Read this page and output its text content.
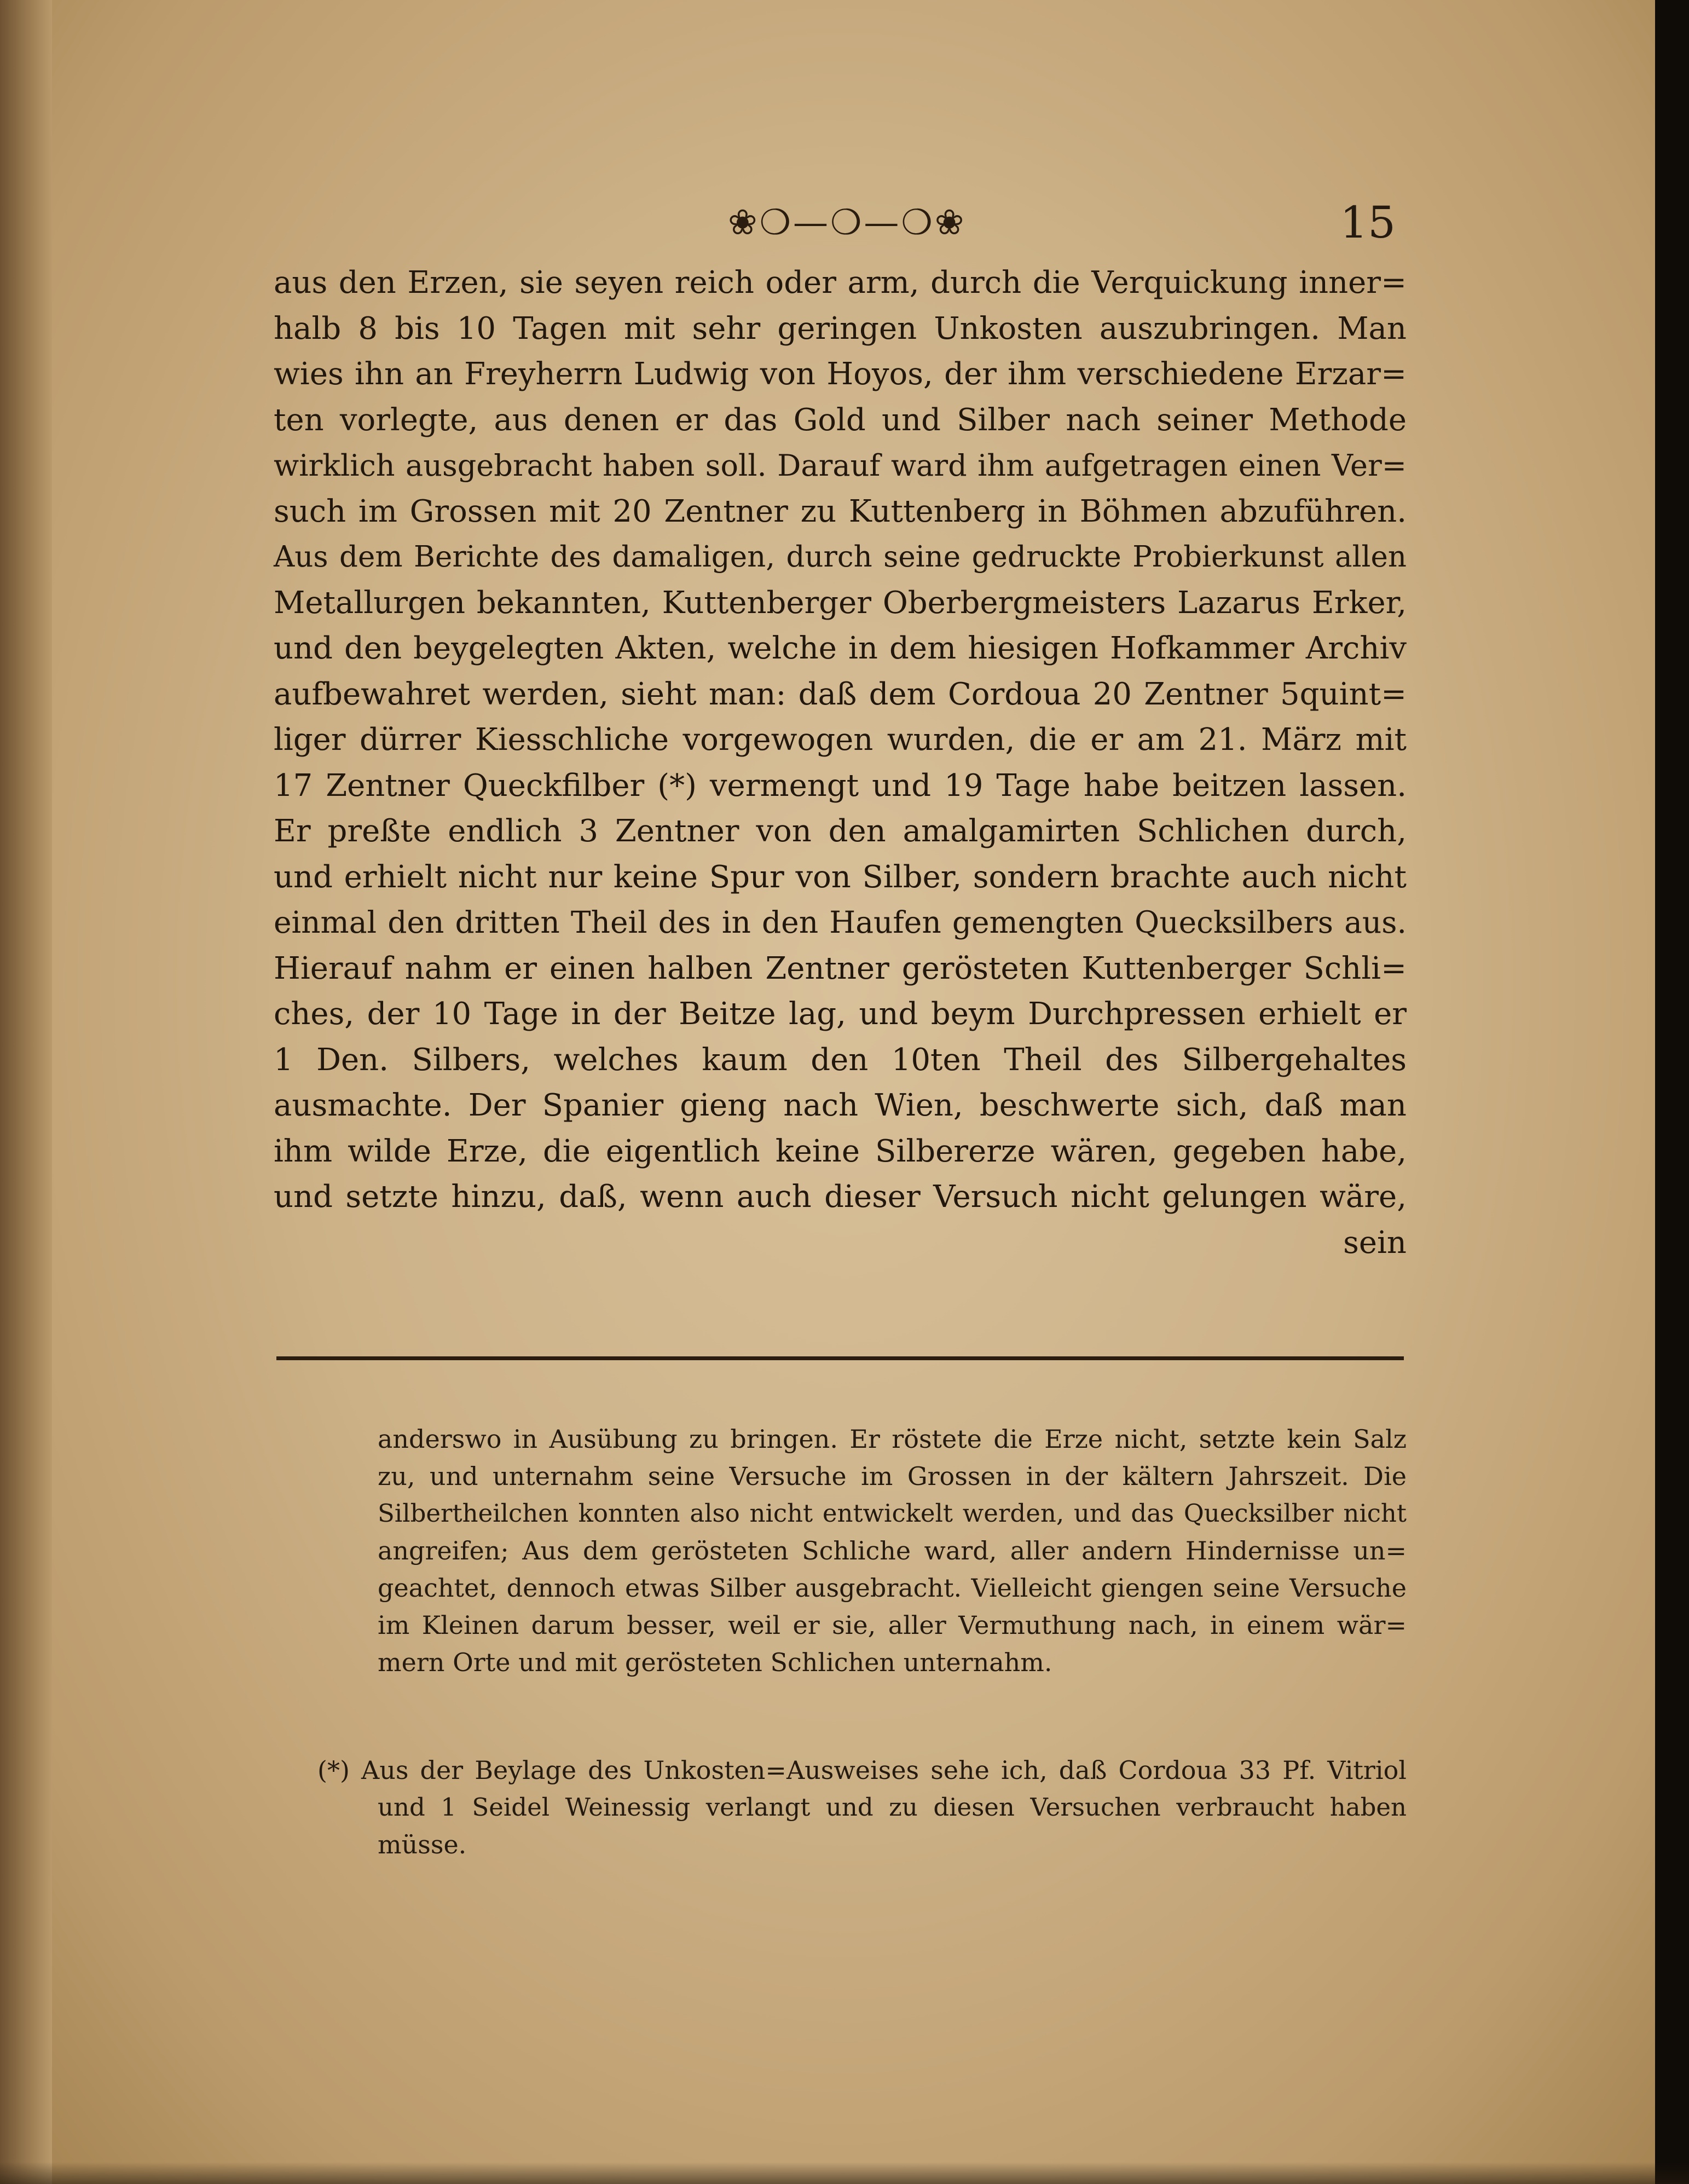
❀❍—❍—❍❀	15
aus den Erzen, sie seyen reich oder arm, durch die Verquickung inner=
halb 8 bis 10 Tagen mit sehr geringen Unkosten auszubringen. Man
wies ihn an Freyherrn Ludwig von Hoyos, der ihm verschiedene Erzar=
ten vorlegte, aus denen er das Gold und Silber nach seiner Methode
wirklich ausgebracht haben soll. Darauf ward ihm aufgetragen einen Ver=
such im Grossen mit 20 Zentner zu Kuttenberg in Böhmen abzuführen.
Aus dem Berichte des damaligen, durch seine gedruckte Probierkunst allen
Metallurgen bekannten, Kuttenberger Oberbergmeisters Lazarus Erker,
und den beygelegten Akten, welche in dem hiesigen Hofkammer Archiv
aufbewahret werden, sieht man: daß dem Cordoua 20 Zentner 5quint=
liger dürrer Kiesschliche vorgewogen wurden, die er am 21. März mit
17 Zentner Queckfilber (*) vermengt und 19 Tage habe beitzen lassen.
Er preßte endlich 3 Zentner von den amalgamirten Schlichen durch,
und erhielt nicht nur keine Spur von Silber, sondern brachte auch nicht
einmal den dritten Theil des in den Haufen gemengten Quecksilbers aus.
Hierauf nahm er einen halben Zentner gerösteten Kuttenberger Schli=
ches, der 10 Tage in der Beitze lag, und beym Durchpressen erhielt er
1 Den. Silbers, welches kaum den 10ten Theil des Silbergehaltes
ausmachte. Der Spanier gieng nach Wien, beschwerte sich, daß man
ihm wilde Erze, die eigentlich keine Silbererze wären, gegeben habe,
und setzte hinzu, daß, wenn auch dieser Versuch nicht gelungen wäre,
sein
anderswo in Ausübung zu bringen. Er röstete die Erze nicht, setzte kein Salz
zu, und unternahm seine Versuche im Grossen in der kältern Jahrszeit. Die
Silbertheilchen konnten also nicht entwickelt werden, und das Quecksilber nicht
angreifen; Aus dem gerösteten Schliche ward, aller andern Hindernisse un=
geachtet, dennoch etwas Silber ausgebracht. Vielleicht giengen seine Versuche
im Kleinen darum besser, weil er sie, aller Vermuthung nach, in einem wär=
mern Orte und mit gerösteten Schlichen unternahm.
(*) Aus der Beylage des Unkosten=Ausweises sehe ich, daß Cordoua 33 Pf. Vitriol
und 1 Seidel Weinessig verlangt und zu diesen Versuchen verbraucht haben
müsse.
